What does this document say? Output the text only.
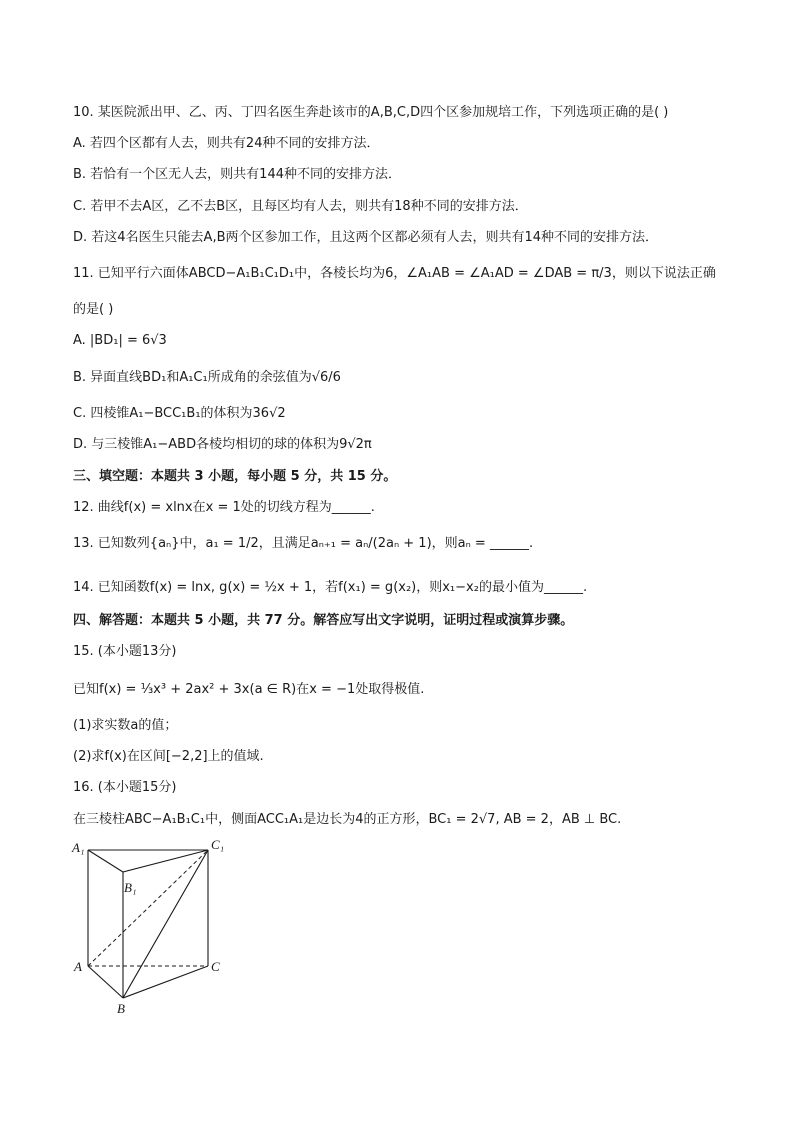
10. 某医院派出甲、乙、丙、丁四名医生奔赴该市的A,B,C,D四个区参加规培工作，下列选项正确的是( )
A. 若四个区都有人去，则共有24种不同的安排方法．
B. 若恰有一个区无人去，则共有144种不同的安排方法．
C. 若甲不去A区，乙不去B区，且每区均有人去，则共有18种不同的安排方法．
D. 若这4名医生只能去A,B两个区参加工作，且这两个区都必须有人去，则共有14种不同的安排方法．
11. 已知平行六面体ABCD−A₁B₁C₁D₁中，各棱长均为6，∠A₁AB = ∠A₁AD = ∠DAB = π/3，则以下说法正确
的是( )
A. |BD₁| = 6√3
B. 异面直线BD₁和A₁C₁所成角的余弦值为√6/6
C. 四棱锥A₁−BCC₁B₁的体积为36√2
D. 与三棱锥A₁−ABD各棱均相切的球的体积为9√2π
三、填空题：本题共 3 小题，每小题 5 分，共 15 分。
12. 曲线f(x) = xlnx在x = 1处的切线方程为______.
13. 已知数列{aₙ}中，a₁ = 1/2，且满足aₙ₊₁ = aₙ/(2aₙ + 1)，则aₙ = ______.
14. 已知函数f(x) = lnx, g(x) = ½x + 1，若f(x₁) = g(x₂)，则x₁−x₂的最小值为______.
四、解答题：本题共 5 小题，共 77 分。解答应写出文字说明，证明过程或演算步骤。
15. (本小题13分)
已知f(x) = ⅓x³ + 2ax² + 3x(a ∈ R)在x = −1处取得极值.
(1)求实数a的值；
(2)求f(x)在区间[−2,2]上的值域.
16. (本小题15分)
在三棱柱ABC−A₁B₁C₁中，侧面ACC₁A₁是边长为4的正方形，BC₁ = 2√7, AB = 2，AB ⊥ BC.
A₁	C₁
B₁
A	C
B
